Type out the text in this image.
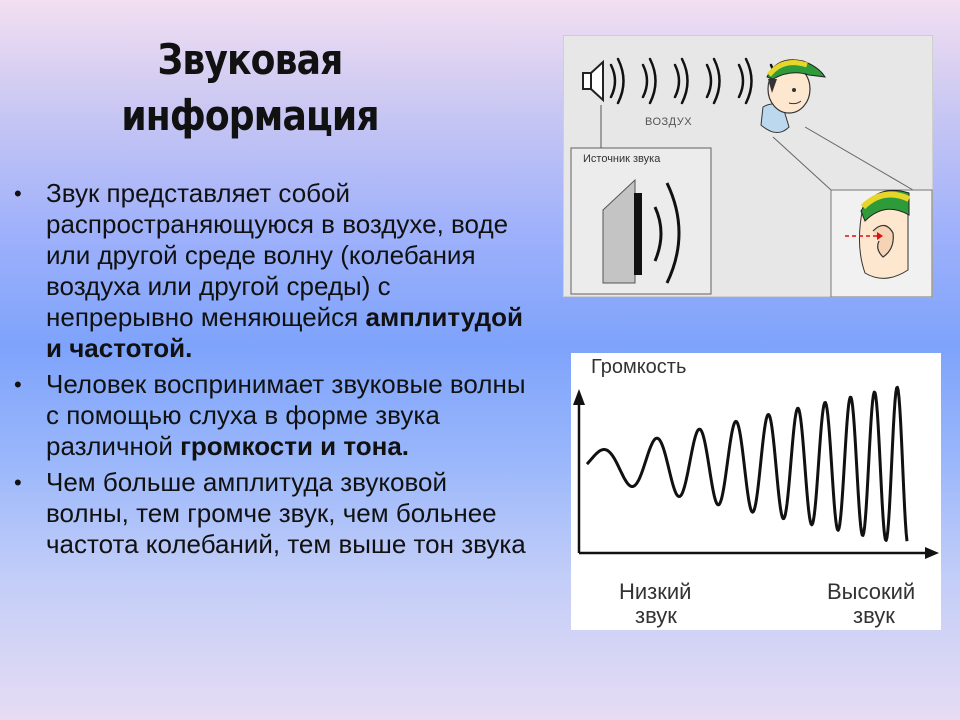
Звуковая
информация
• Звук представляет собой распространяющуюся в воздухе, воде или другой среде волну (колебания воздуха или другой среды) с непрерывно меняющейся амплитудой и частотой.
• Человек воспринимает звуковые волны с помощью слуха в форме звука различной громкости и тона.
• Чем больше амплитуда звуковой волны, тем громче звук, чем больнее частота колебаний, тем выше тон звука
ВОЗДУХ
Источник звука
Громкость
Низкий
звук
Высокий
звук
